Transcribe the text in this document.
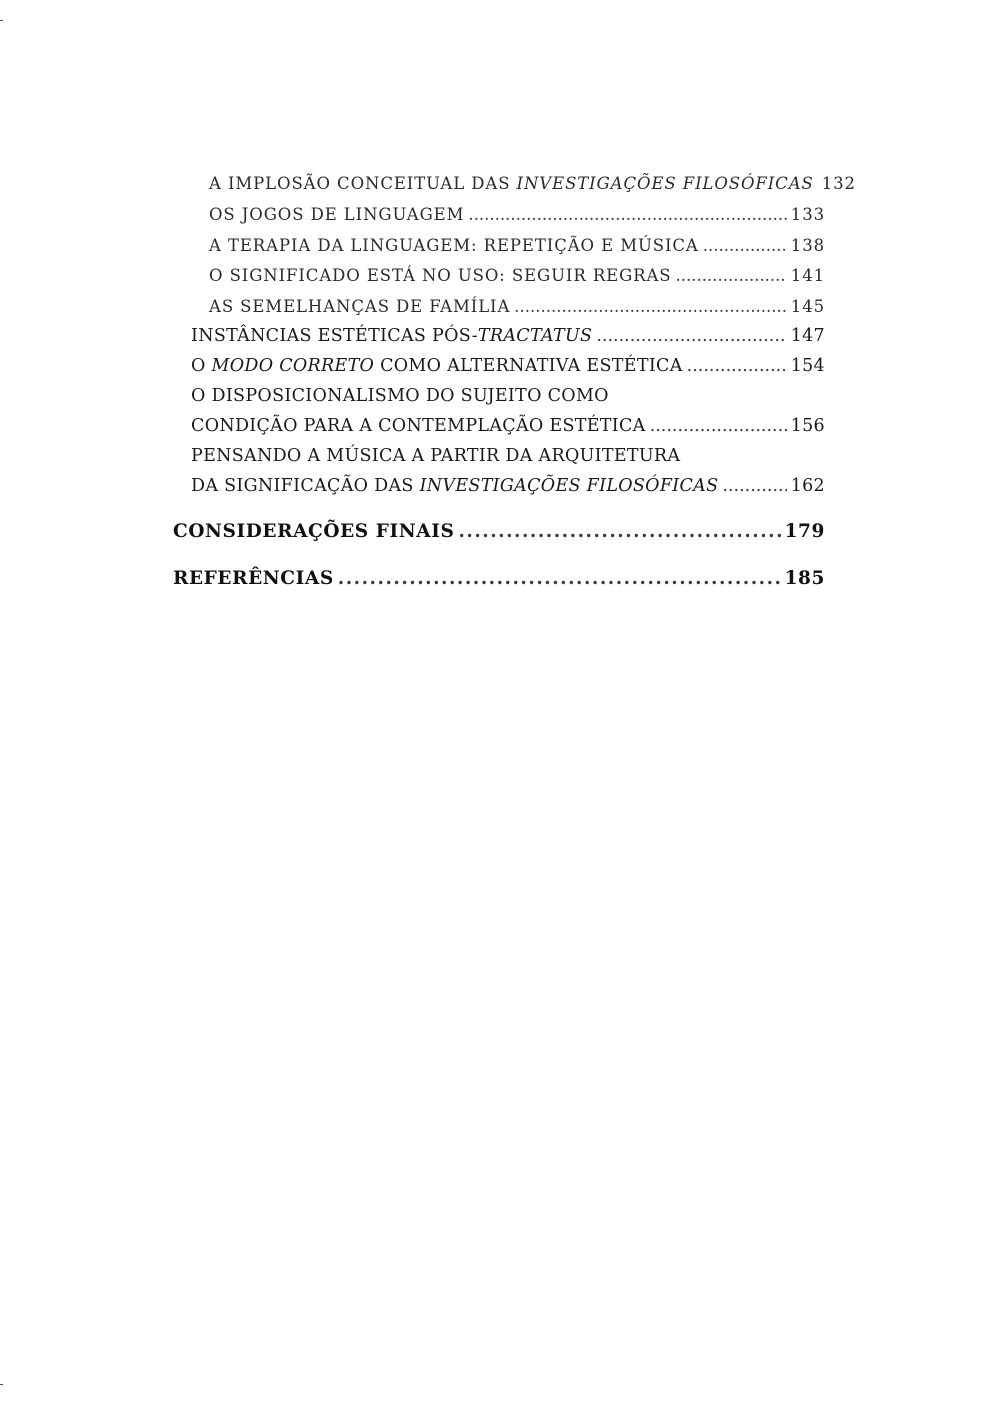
A IMPLOSÃO CONCEITUAL DAS INVESTIGAÇÕES FILOSÓFICAS 132
OS JOGOS DE LINGUAGEM .....	133
A TERAPIA DA LINGUAGEM: REPETIÇÃO E MÚSICA .....	138
O SIGNIFICADO ESTÁ NO USO: SEGUIR REGRAS .....	141
AS SEMELHANÇAS DE FAMÍLIA .....	145
INSTÂNCIAS ESTÉTICAS PÓS-TRACTATUS .....	147
O MODO CORRETO COMO ALTERNATIVA ESTÉTICA .....	154
O DISPOSICIONALISMO DO SUJEITO COMO
CONDIÇÃO PARA A CONTEMPLAÇÃO ESTÉTICA .....	156
PENSANDO A MÚSICA A PARTIR DA ARQUITETURA
DA SIGNIFICAÇÃO DAS INVESTIGAÇÕES FILOSÓFICAS .....	162
CONSIDERAÇÕES FINAIS .....	179
REFERÊNCIAS .....	185
